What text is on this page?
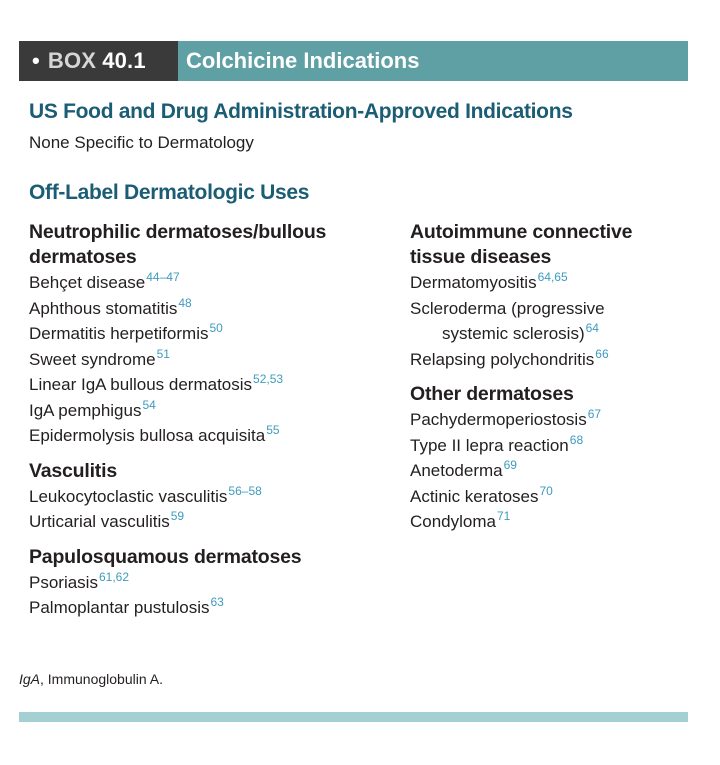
• BOX 40.1	Colchicine Indications
US Food and Drug Administration-Approved Indications
None Specific to Dermatology
Off-Label Dermatologic Uses
Neutrophilic dermatoses/bullous dermatoses
Behçet disease$^{44-47}$
Aphthous stomatitis$^{48}$
Dermatitis herpetiformis$^{50}$
Sweet syndrome$^{51}$
Linear IgA bullous dermatosis$^{52,53}$
IgA pemphigus$^{54}$
Epidermolysis bullosa acquisita$^{55}$
Vasculitis
Leukocytoclastic vasculitis$^{56-58}$
Urticarial vasculitis$^{59}$
Papulosquamous dermatoses
Psoriasis$^{61,62}$
Palmoplantar pustulosis$^{63}$
Autoimmune connective tissue diseases
Dermatomyositis$^{64,65}$
Scleroderma (progressive systemic sclerosis)$^{64}$
Relapsing polychondritis$^{66}$
Other dermatoses
Pachydermoperiostosis$^{67}$
Type II lepra reaction$^{68}$
Anetoderma$^{69}$
Actinic keratoses$^{70}$
Condyloma$^{71}$
IgA, Immunoglobulin A.
